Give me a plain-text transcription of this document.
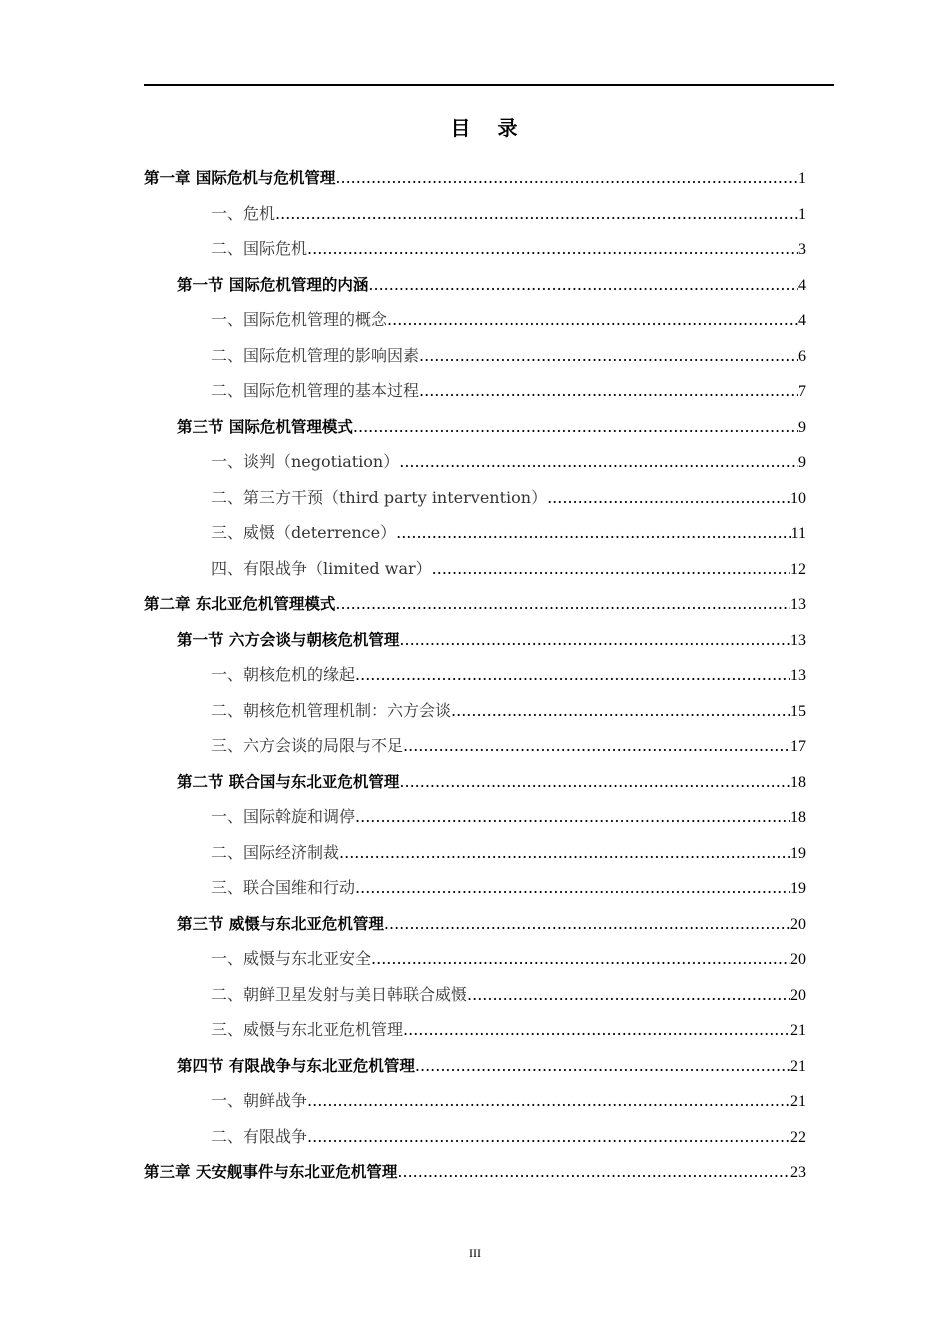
目 录
第一章 国际危机与危机管理 .....	1
一、危机 .....	1
二、国际危机 .....	3
第一节 国际危机管理的内涵 .....	4
一、国际危机管理的概念 .....	4
二、国际危机管理的影响因素 .....	6
二、国际危机管理的基本过程 .....	7
第三节 国际危机管理模式 .....	9
一、谈判（negotiation） .....	9
二、第三方干预（third party intervention） .....	10
三、威慑（deterrence） .....	11
四、有限战争（limited war） .....	12
第二章 东北亚危机管理模式 .....	13
第一节 六方会谈与朝核危机管理 .....	13
一、朝核危机的缘起 .....	13
二、朝核危机管理机制：六方会谈 .....	15
三、六方会谈的局限与不足 .....	17
第二节 联合国与东北亚危机管理 .....	18
一、国际斡旋和调停 .....	18
二、国际经济制裁 .....	19
三、联合国维和行动 .....	19
第三节 威慑与东北亚危机管理 .....	20
一、威慑与东北亚安全 .....	20
二、朝鲜卫星发射与美日韩联合威慑 .....	20
三、威慑与东北亚危机管理 .....	21
第四节 有限战争与东北亚危机管理 .....	21
一、朝鲜战争 .....	21
二、有限战争 .....	22
第三章 天安舰事件与东北亚危机管理 .....	23
III
